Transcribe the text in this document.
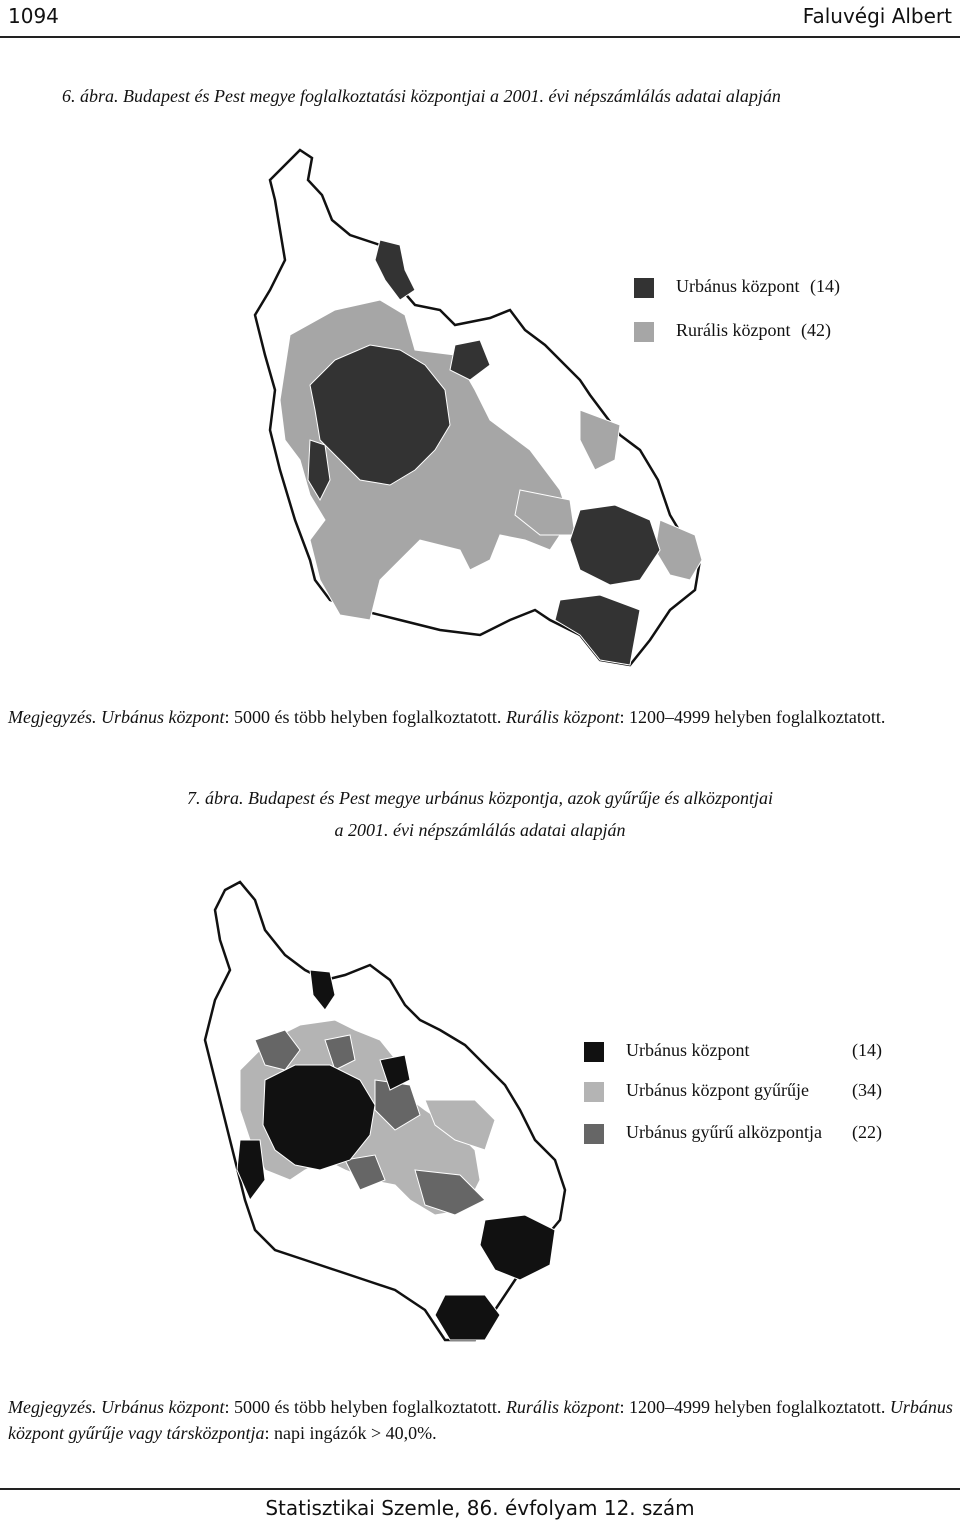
1094	Faluvégi Albert
6. ábra. Budapest és Pest megye foglalkoztatási központjai a 2001. évi népszámlálás adatai alapján
Urbánus központ (14)
Rurális központ (42)
Megjegyzés. Urbánus központ: 5000 és több helyben foglalkoztatott. Rurális központ: 1200–4999 helyben foglalkoztatott.
7. ábra. Budapest és Pest megye urbánus központja, azok gyűrűje és alközpontjai
a 2001. évi népszámlálás adatai alapján
Urbánus központ	(14)
Urbánus központ gyűrűje (34)
Urbánus gyűrű alközpontja (22)
Megjegyzés. Urbánus központ: 5000 és több helyben foglalkoztatott. Rurális központ: 1200–4999 helyben foglalkoztatott. Urbánus központ gyűrűje vagy társközpontja: napi ingázók > 40,0%.
Statisztikai Szemle, 86. évfolyam 12. szám
